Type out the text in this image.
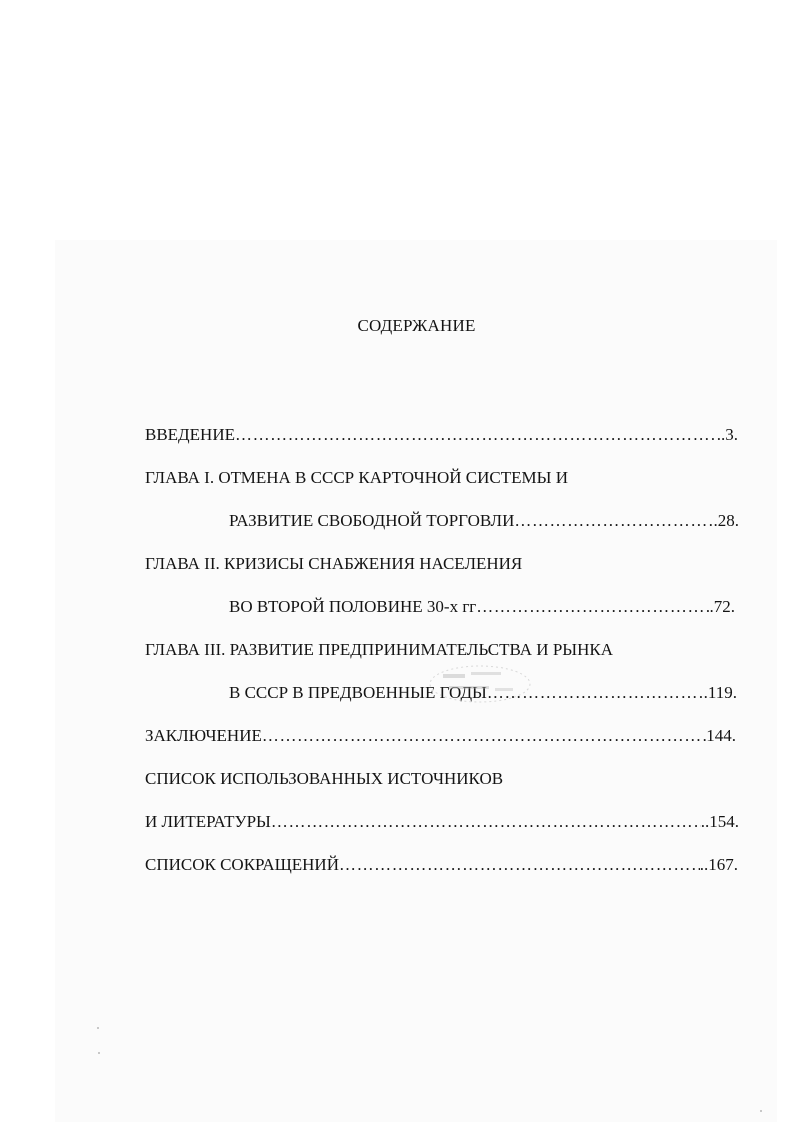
СОДЕРЖАНИЕ
ВВЕДЕНИЕ …………………………………………………………………………………………………………………………………………	..3.
ГЛАВА I. ОТМЕНА В СССР КАРТОЧНОЙ СИСТЕМЫ И
РАЗВИТИЕ СВОБОДНОЙ ТОРГОВЛИ …………………………………………………………………………………………………………………………………………	.28.
ГЛАВА II. КРИЗИСЫ СНАБЖЕНИЯ НАСЕЛЕНИЯ
ВО ВТОРОЙ ПОЛОВИНЕ 30-х гг …………………………………………………………………………………………………………………………………………	.72.
ГЛАВА III. РАЗВИТИЕ ПРЕДПРИНИМАТЕЛЬСТВА И РЫНКА
В СССР В ПРЕДВОЕННЫЕ ГОДЫ …………………………………………………………………………………………………………………………………………	.119.
ЗАКЛЮЧЕНИЕ …………………………………………………………………………………………………………………………………………	144.
СПИСОК ИСПОЛЬЗОВАННЫХ ИСТОЧНИКОВ
И ЛИТЕРАТУРЫ …………………………………………………………………………………………………………………………………………	..154.
СПИСОК СОКРАЩЕНИЙ …………………………………………………………………………………………………………………………………………	..167.
